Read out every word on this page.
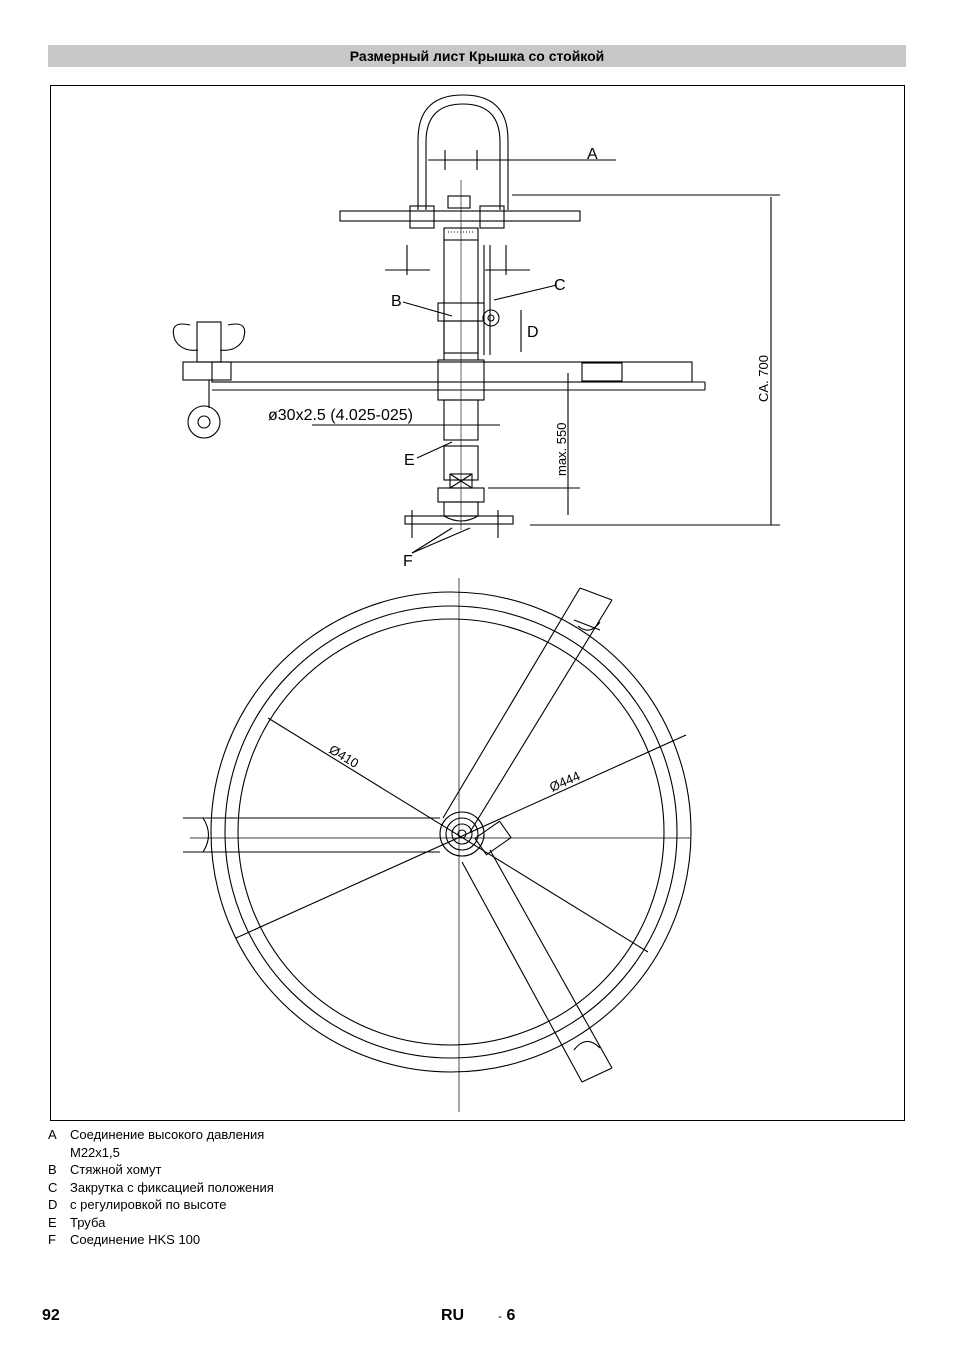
Размерный лист Крышка со стойкой
A
B
C
D
E
F
ø30x2.5 (4.025-025)
CA. 700
max. 550
Ø410
Ø444
A	Соединение высокого давления
M22x1,5
B	Стяжной хомут
C Закрутка с фиксацией положения
D с регулировкой по высоте
E	Труба
F	Соединение HKS 100
92	RU	- 6
